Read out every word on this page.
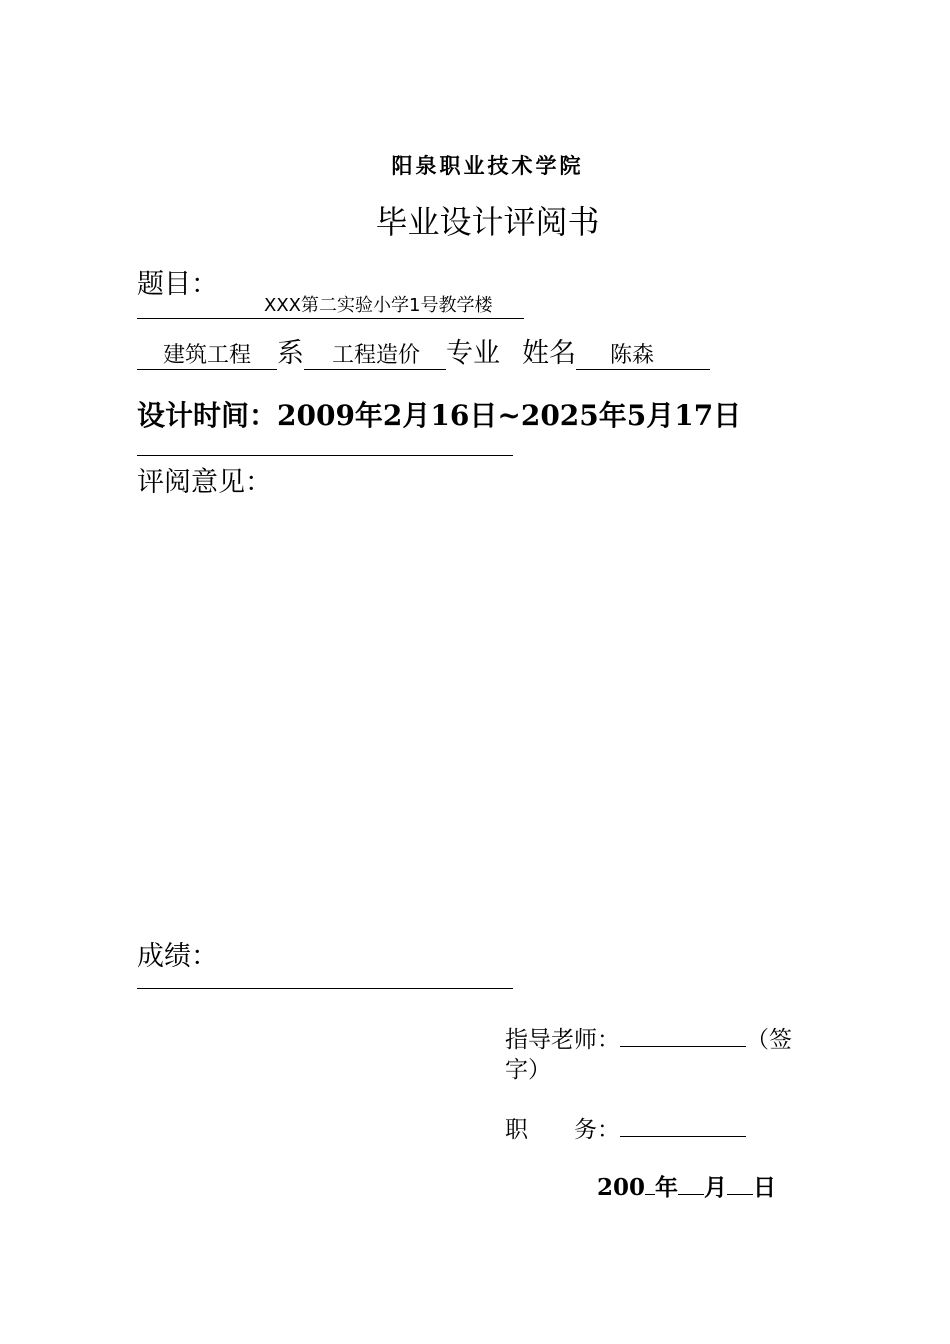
阳泉职业技术学院
毕业设计评阅书
题目：
XXX第二实验小学1号教学楼
建筑工程 系 工程造价 专业 姓名 陈森
设计时间：2009年2月16日~2025年5月17日
评阅意见：
成绩：
指导老师：	（签字）
职　　务：
200 年 月 日
